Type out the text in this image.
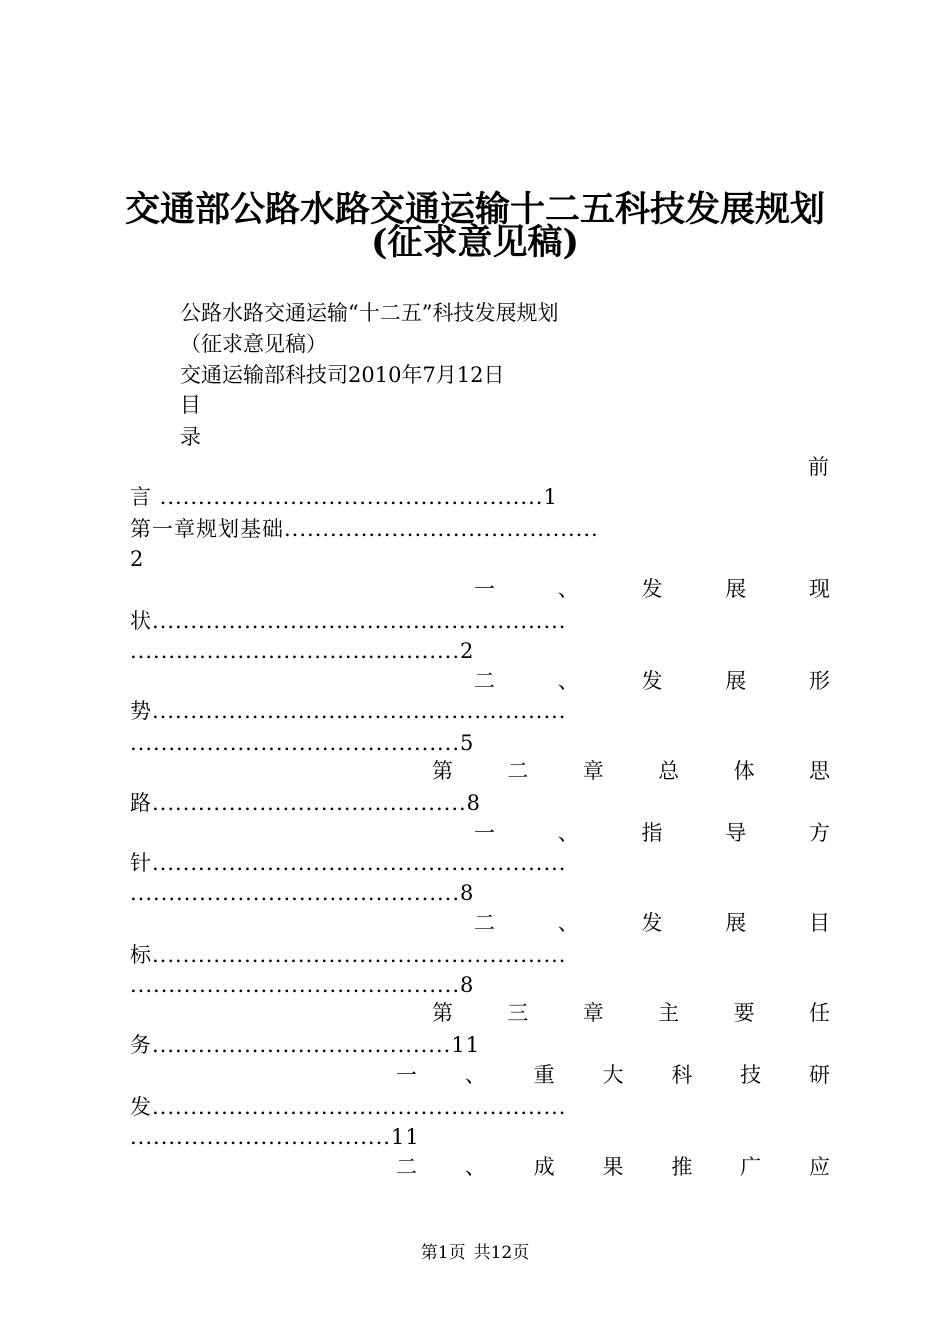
交通部公路水路交通运输十二五科技发展规划
(征求意见稿)
公路水路交通运输“十二五”科技发展规划
（征求意见稿）
交通运输部科技司2010年7月12日
目
录
前
言 ..................................................1
第一章规划基础.........................................
2
一	、	发	展	现
状......................................................
...........................................2
二	、	发	展	形
势......................................................
...........................................5
第	二	章	总	体	思
路.........................................8
一	、	指	导	方
针......................................................
...........................................8
二	、	发	展	目
标......................................................
...........................................8
第	三	章	主	要	任
务.......................................11
一 、 重 大 科 技 研
发......................................................
..................................11
二 、 成 果 推 广 应
第1页 共12页
